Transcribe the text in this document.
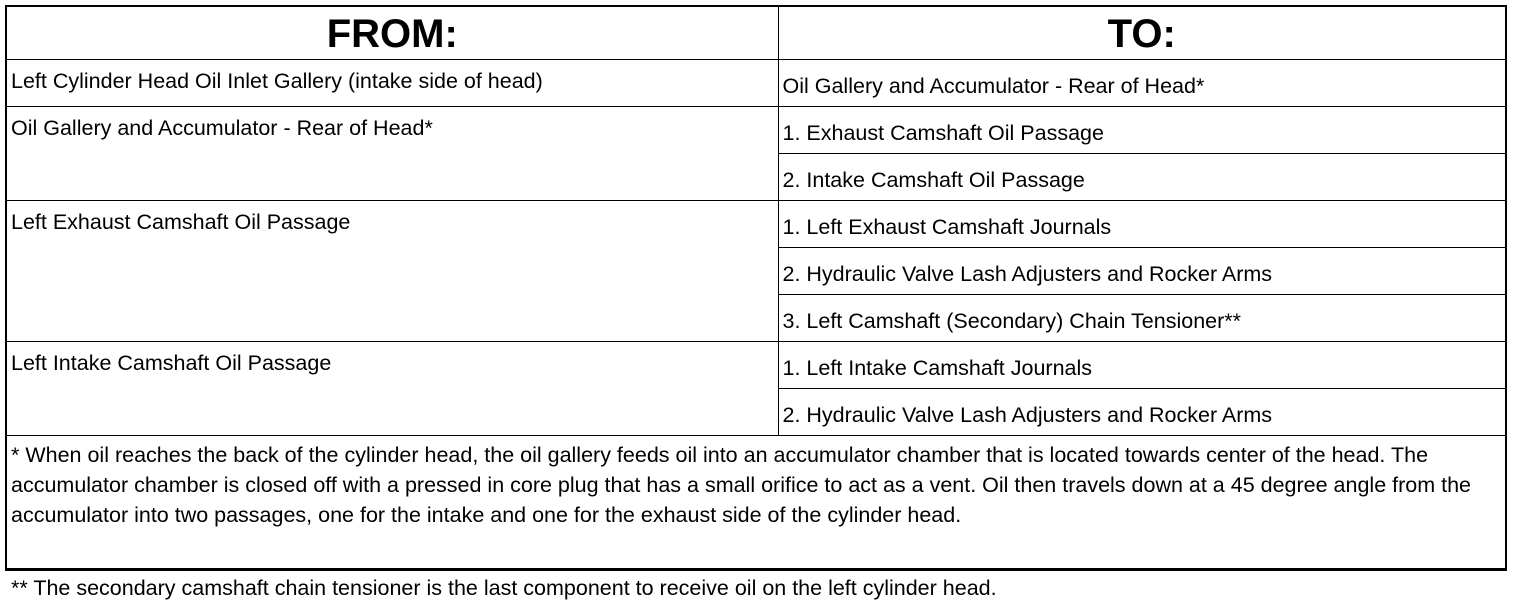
FROM:	TO:
Left Cylinder Head Oil Inlet Gallery (intake side of head)	Oil Gallery and Accumulator - Rear of Head*
Oil Gallery and Accumulator - Rear of Head*	1. Exhaust Camshaft Oil Passage
	2. Intake Camshaft Oil Passage
Left Exhaust Camshaft Oil Passage	1. Left Exhaust Camshaft Journals
	2. Hydraulic Valve Lash Adjusters and Rocker Arms
	3. Left Camshaft (Secondary) Chain Tensioner**
Left Intake Camshaft Oil Passage	1. Left Intake Camshaft Journals
	2. Hydraulic Valve Lash Adjusters and Rocker Arms
* When oil reaches the back of the cylinder head, the oil gallery feeds oil into an accumulator chamber that is located towards center of the head. The accumulator chamber is closed off with a pressed in core plug that has a small orifice to act as a vent. Oil then travels down at a 45 degree angle from the accumulator into two passages, one for the intake and one for the exhaust side of the cylinder head.	
** The secondary camshaft chain tensioner is the last component to receive oil on the left cylinder head.	
